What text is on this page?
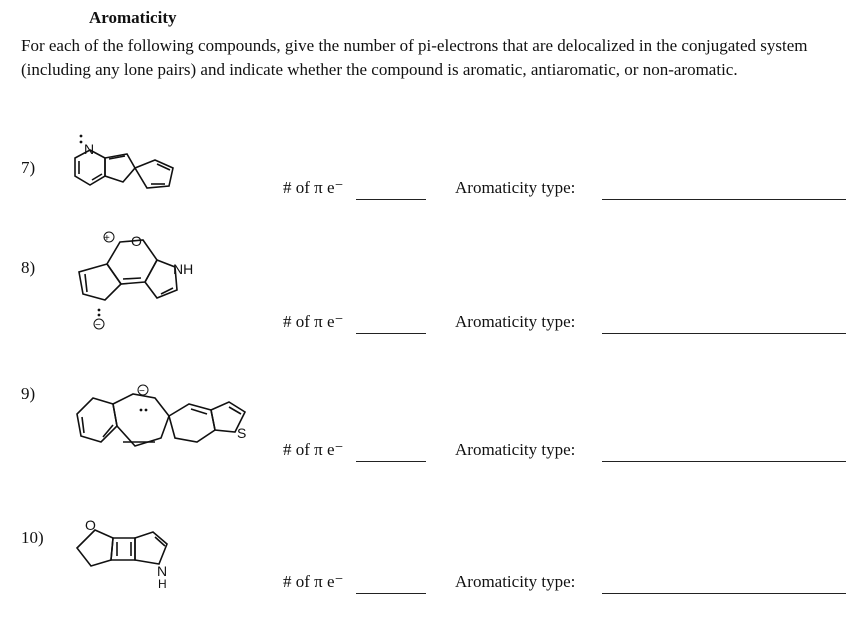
Aromaticity
For each of the following compounds, give the number of pi-electrons that are delocalized in the conjugated system (including any lone pairs) and indicate whether the compound is aromatic, antiaromatic, or non-aromatic.
7)
N
# of π e⁻	Aromaticity type:
8)
O
NH
+
−	# of π e⁻	Aromaticity type:
9)	−
S
# of π e⁻	Aromaticity type:
10)
O
N
H	# of π e⁻	Aromaticity type:
